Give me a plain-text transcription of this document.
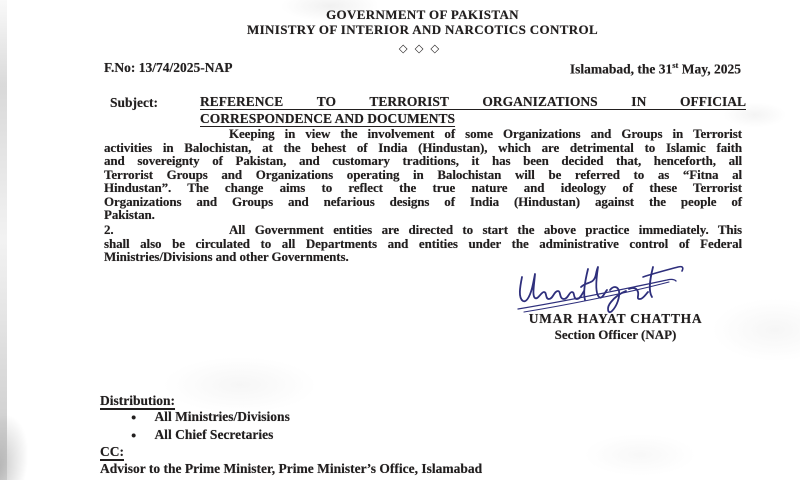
GOVERNMENT OF PAKISTAN
MINISTRY OF INTERIOR AND NARCOTICS CONTROL
◇◇◇
F.No: 13/74/2025-NAP	Islamabad, the 31st May, 2025
Subject:	REFERENCE TO TERRORIST ORGANIZATIONS IN OFFICIAL
CORRESPONDENCE AND DOCUMENTS
Keeping in view the involvement of some Organizations and Groups in Terrorist
activities in Balochistan, at the behest of India (Hindustan), which are detrimental to Islamic faith
and sovereignty of Pakistan, and customary traditions, it has been decided that, henceforth, all
Terrorist Groups and Organizations operating in Balochistan will be referred to as “Fitna al
Hindustan”. The change aims to reflect the true nature and ideology of these Terrorist
Organizations and Groups and nefarious designs of India (Hindustan) against the people of
Pakistan.
2.	All Government entities are directed to start the above practice immediately. This
shall also be circulated to all Departments and entities under the administrative control of Federal
Ministries/Divisions and other Governments.
UMAR HAYAT CHATTHA
Section Officer (NAP)
Distribution:
● All Ministries/Divisions
● All Chief Secretaries
CC:
Advisor to the Prime Minister, Prime Minister’s Office, Islamabad
